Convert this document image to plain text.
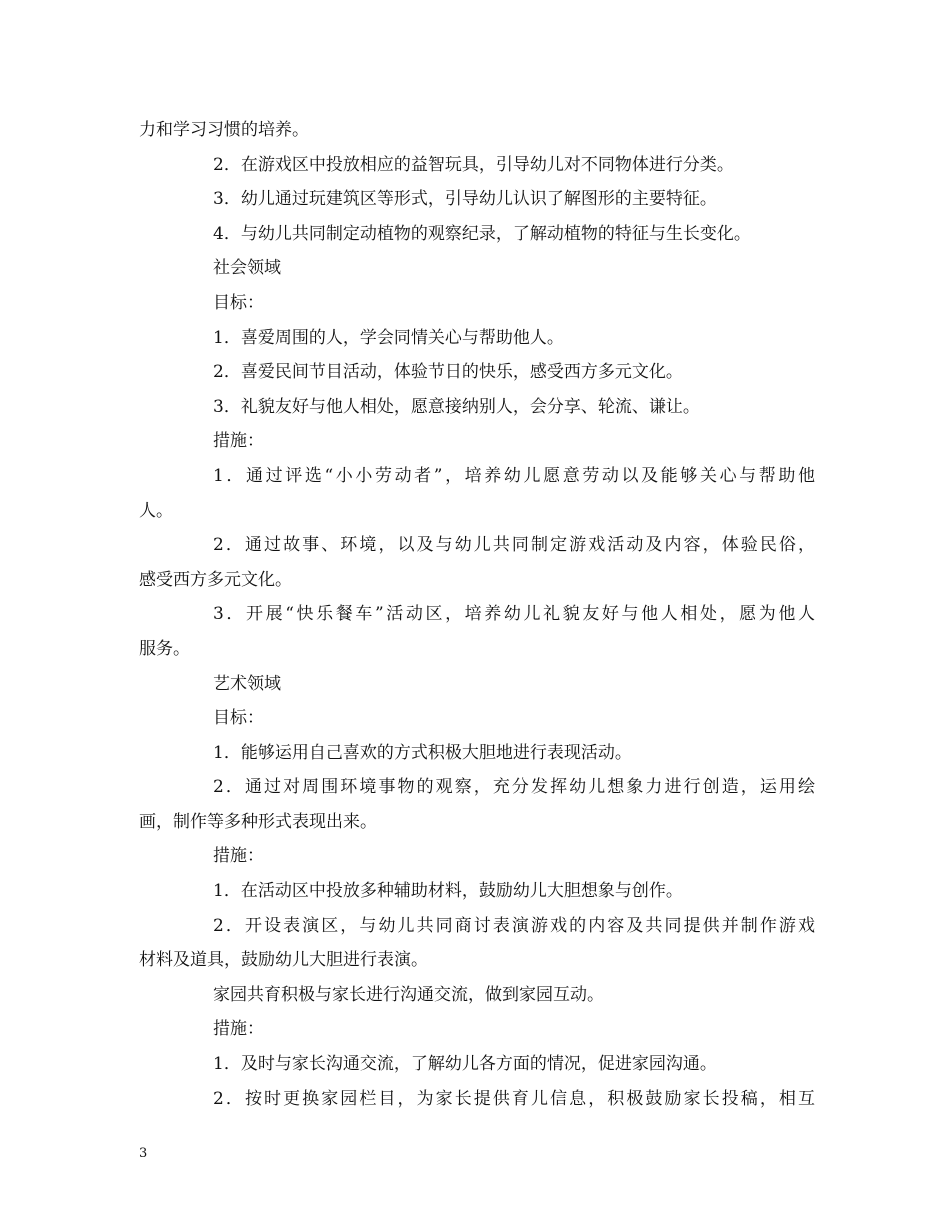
力和学习习惯的培养。
2．在游戏区中投放相应的益智玩具，引导幼儿对不同物体进行分类。
3．幼儿通过玩建筑区等形式，引导幼儿认识了解图形的主要特征。
4．与幼儿共同制定动植物的观察纪录，了解动植物的特征与生长变化。
社会领域
目标：
1．喜爱周围的人，学会同情关心与帮助他人。
2．喜爱民间节目活动，体验节日的快乐，感受西方多元文化。
3．礼貌友好与他人相处，愿意接纳别人，会分享、轮流、谦让。
措施：
1．通过评选“小小劳动者”，培养幼儿愿意劳动以及能够关心与帮助他
人。
2．通过故事、环境，以及与幼儿共同制定游戏活动及内容，体验民俗，
感受西方多元文化。
3．开展“快乐餐车”活动区，培养幼儿礼貌友好与他人相处，愿为他人
服务。
艺术领域
目标：
1．能够运用自己喜欢的方式积极大胆地进行表现活动。
2．通过对周围环境事物的观察，充分发挥幼儿想象力进行创造，运用绘
画，制作等多种形式表现出来。
措施：
1．在活动区中投放多种辅助材料，鼓励幼儿大胆想象与创作。
2．开设表演区，与幼儿共同商讨表演游戏的内容及共同提供并制作游戏
材料及道具，鼓励幼儿大胆进行表演。
家园共育积极与家长进行沟通交流，做到家园互动。
措施：
1．及时与家长沟通交流，了解幼儿各方面的情况，促进家园沟通。
2．按时更换家园栏目，为家长提供育儿信息，积极鼓励家长投稿，相互
3
